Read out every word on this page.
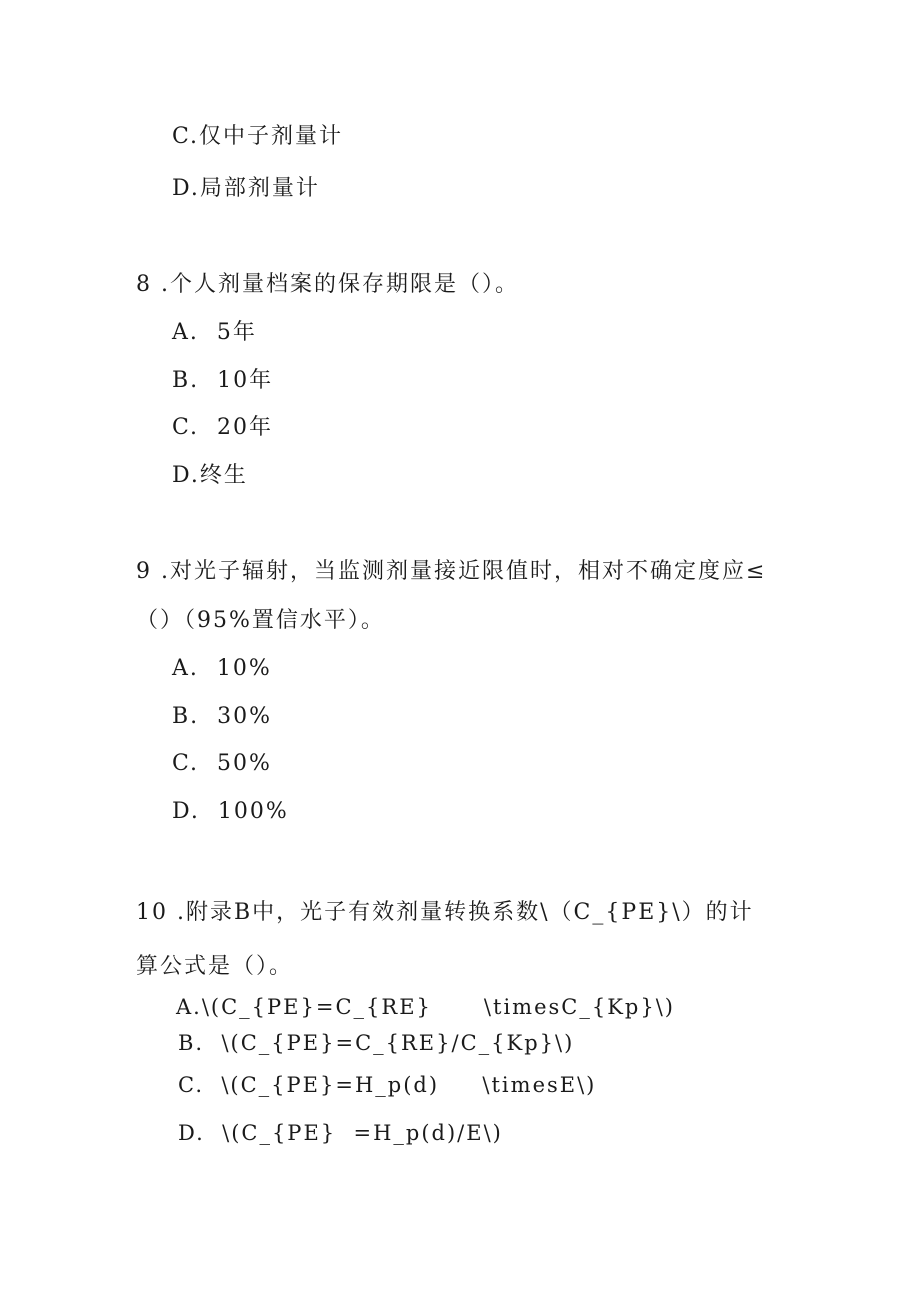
C.仅中子剂量计
D.局部剂量计
8 .个人剂量档案的保存期限是（）。
A.  5年
B.  10年
C.  20年
D.终生
9 .对光子辐射，当监测剂量接近限值时，相对不确定度应≤
（）（95%置信水平）。
A.  10%
B.  30%
C.  50%
D.  100%
10 .附录B中，光子有效剂量转换系数\（C_{PE}\）的计
算公式是（）。
A.\(C_{PE}=C_{RE}      \timesC_{Kp}\)
B.  \(C_{PE}=C_{RE}/C_{Kp}\)
C.  \(C_{PE}=H_p(d)     \timesE\)
D.  \(C_{PE}  =H_p(d)/E\)
